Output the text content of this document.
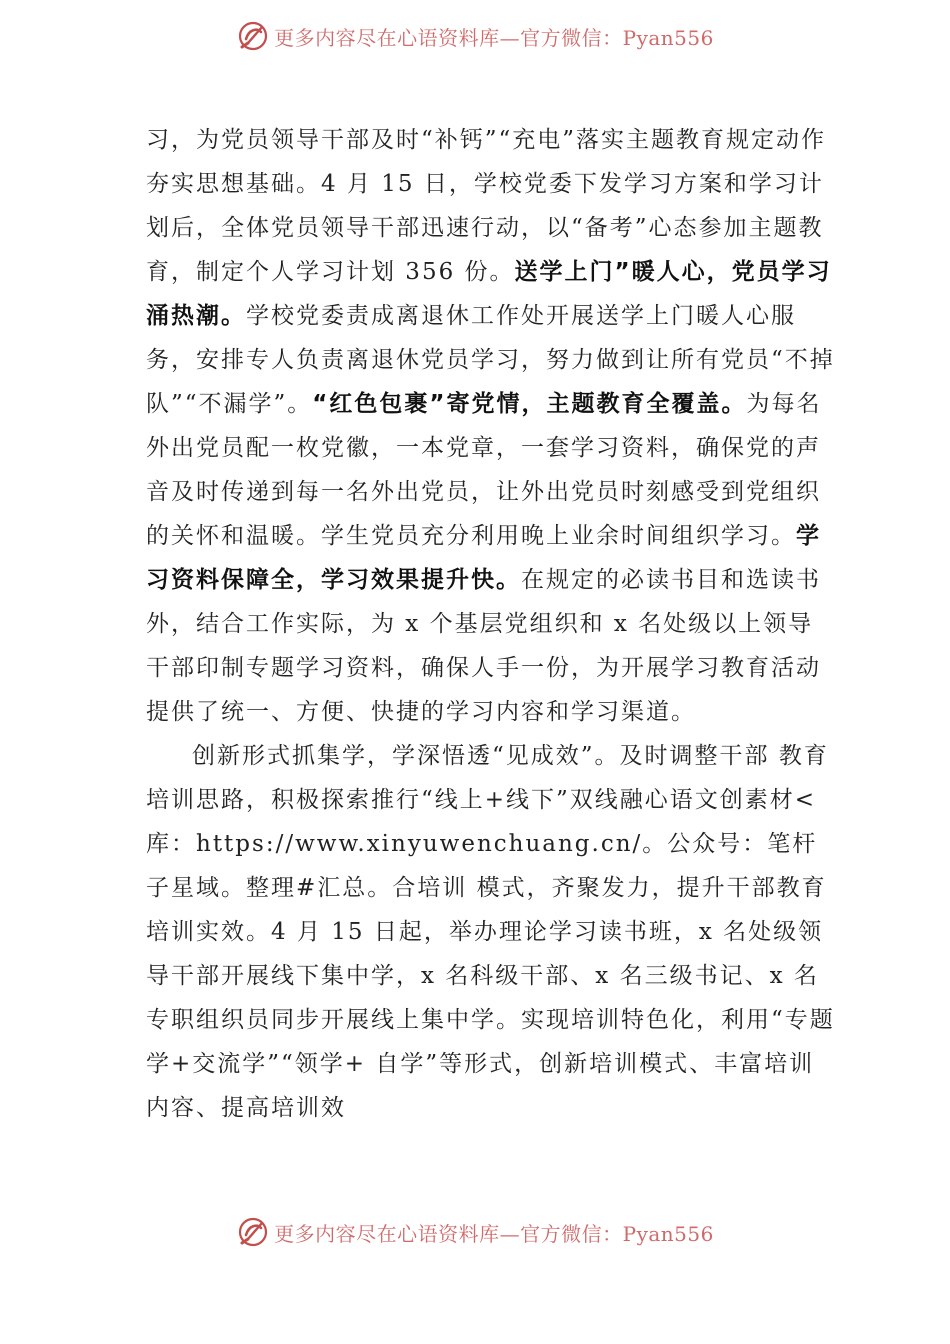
更多内容尽在心语资料库—官方微信：Pyan556

习，为党员领导干部及时“补钙”“充电”落实主题教育规定动作夯实思想基础。4 月 15 日，学校党委下发学习方案和学习计划后，全体党员领导干部迅速行动，以“备考”心态参加主题教育，制定个人学习计划 356 份。送学上门”暖人心，党员学习涌热潮。学校党委责成离退休工作处开展送学上门暖人心服务，安排专人负责离退休党员学习，努力做到让所有党员“不掉队”“不漏学”。“红色包裹”寄党情，主题教育全覆盖。为每名外出党员配一枚党徽，一本党章，一套学习资料，确保党的声音及时传递到每一名外出党员，让外出党员时刻感受到党组织的关怀和温暖。学生党员充分利用晚上业余时间组织学习。学习资料保障全，学习效果提升快。在规定的必读书目和选读书外，结合工作实际，为 x 个基层党组织和 x 名处级以上领导干部印制专题学习资料，确保人手一份，为开展学习教育活动提供了统一、方便、快捷的学习内容和学习渠道。

创新形式抓集学，学深悟透“见成效”。及时调整干部 教育培训思路，积极探索推行“线上+线下”双线融心语文创素材<库：https://www.xinyuwenchuang.cn/。公众号：笔杆子星域。整理#汇总。合培训 模式，齐聚发力，提升干部教育培训实效。4 月 15 日起，举办理论学习读书班，x 名处级领导干部开展线下集中学，x 名科级干部、x 名三级书记、x 名专职组织员同步开展线上集中学。实现培训特色化，利用“专题学+交流学”“领学+ 自学”等形式，创新培训模式、丰富培训内容、提高培训效

更多内容尽在心语资料库—官方微信：Pyan556
